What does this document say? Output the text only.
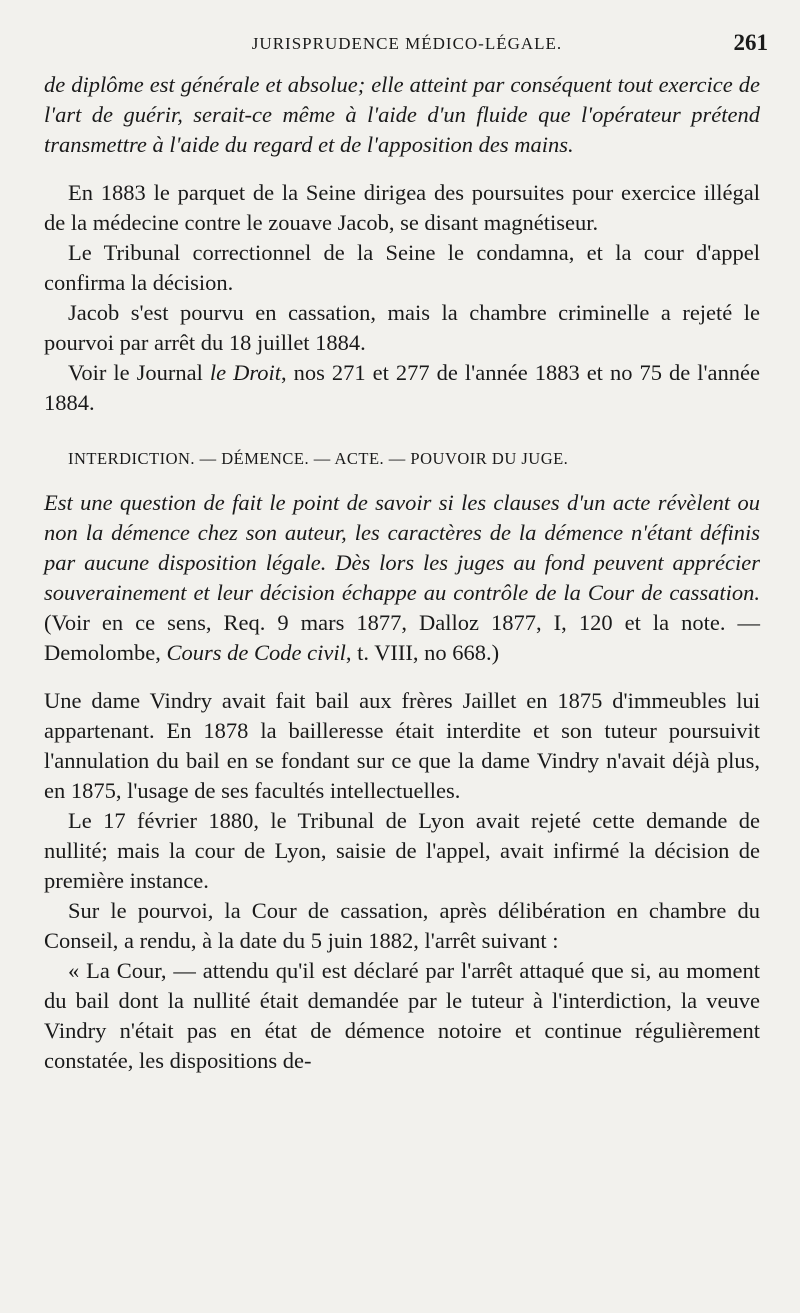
JURISPRUDENCE MÉDICO-LÉGALE.	261

de diplôme est générale et absolue; elle atteint par conséquent tout exercice de l'art de guérir, serait-ce même à l'aide d'un fluide que l'opérateur prétend transmettre à l'aide du regard et de l'apposition des mains.

En 1883 le parquet de la Seine dirigea des poursuites pour exercice illégal de la médecine contre le zouave Jacob, se disant magnétiseur.

Le Tribunal correctionnel de la Seine le condamna, et la cour d'appel confirma la décision.

Jacob s'est pourvu en cassation, mais la chambre criminelle a rejeté le pourvoi par arrêt du 18 juillet 1884.

Voir le Journal le Droit, nos 271 et 277 de l'année 1883 et no 75 de l'année 1884.

INTERDICTION. — DÉMENCE. — ACTE. — POUVOIR DU JUGE.

Est une question de fait le point de savoir si les clauses d'un acte révèlent ou non la démence chez son auteur, les caractères de la démence n'étant définis par aucune disposition légale. Dès lors les juges au fond peuvent apprécier souverainement et leur décision échappe au contrôle de la Cour de cassation. (Voir en ce sens, Req. 9 mars 1877, Dalloz 1877, I, 120 et la note. — Demolombe, Cours de Code civil, t. VIII, no 668.)

Une dame Vindry avait fait bail aux frères Jaillet en 1875 d'immeubles lui appartenant. En 1878 la bailleresse était interdite et son tuteur poursuivit l'annulation du bail en se fondant sur ce que la dame Vindry n'avait déjà plus, en 1875, l'usage de ses facultés intellectuelles.

Le 17 février 1880, le Tribunal de Lyon avait rejeté cette demande de nullité; mais la cour de Lyon, saisie de l'appel, avait infirmé la décision de première instance.

Sur le pourvoi, la Cour de cassation, après délibération en chambre du Conseil, a rendu, à la date du 5 juin 1882, l'arrêt suivant :

« La Cour, — attendu qu'il est déclaré par l'arrêt attaqué que si, au moment du bail dont la nullité était demandée par le tuteur à l'interdiction, la veuve Vindry n'était pas en état de démence notoire et continue régulièrement constatée, les dispositions de-
